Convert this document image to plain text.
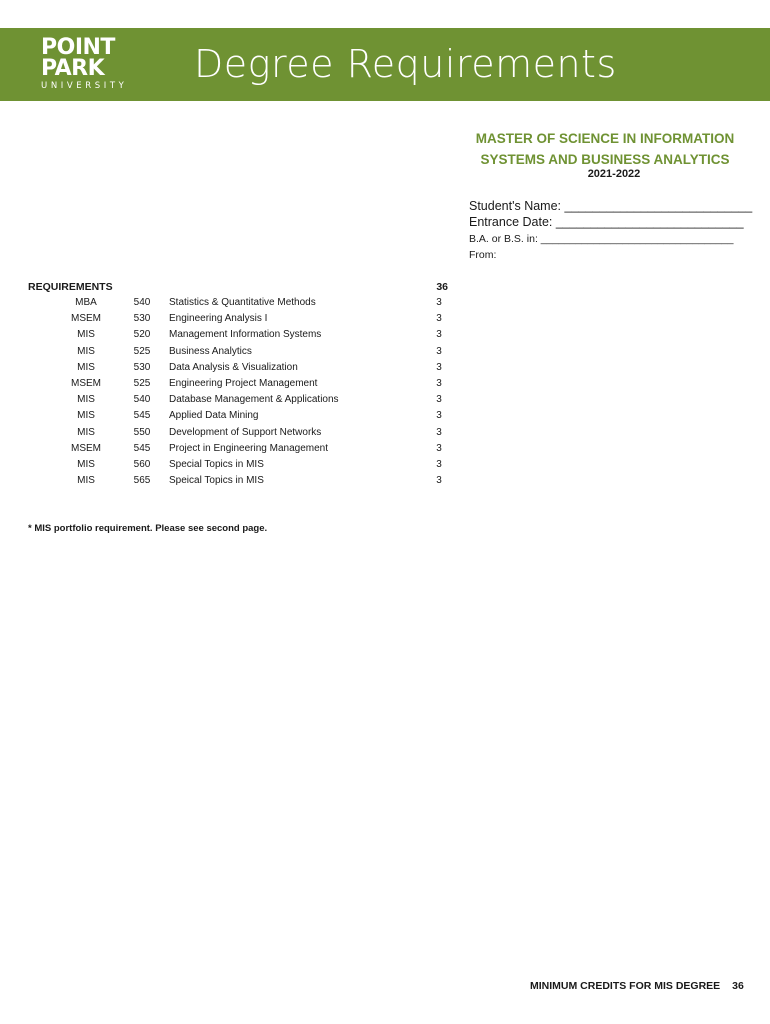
POINT
PARK
UNIVERSITY Degree Requirements
MASTER OF SCIENCE IN INFORMATION
SYSTEMS AND BUSINESS ANALYTICS
2021-2022
Student's Name: ___________________________
Entrance Date: ___________________________
B.A. or B.S. in: _________________________________
From:
REQUIREMENTS	36
MBA	540	Statistics & Quantitative Methods	3
MSEM	530	Engineering Analysis I	3
MIS	520	Management Information Systems	3
MIS	525	Business Analytics	3
MIS	530	Data Analysis & Visualization	3
MSEM	525	Engineering Project Management	3
MIS	540	Database Management & Applications	3
MIS	545	Applied Data Mining	3
MIS	550	Development of Support Networks	3
MSEM	545	Project in Engineering Management	3
MIS	560	Special Topics in MIS	3
MIS	565	Speical Topics in MIS	3
* MIS portfolio requirement. Please see second page.
MINIMUM CREDITS FOR MIS DEGREE 36
